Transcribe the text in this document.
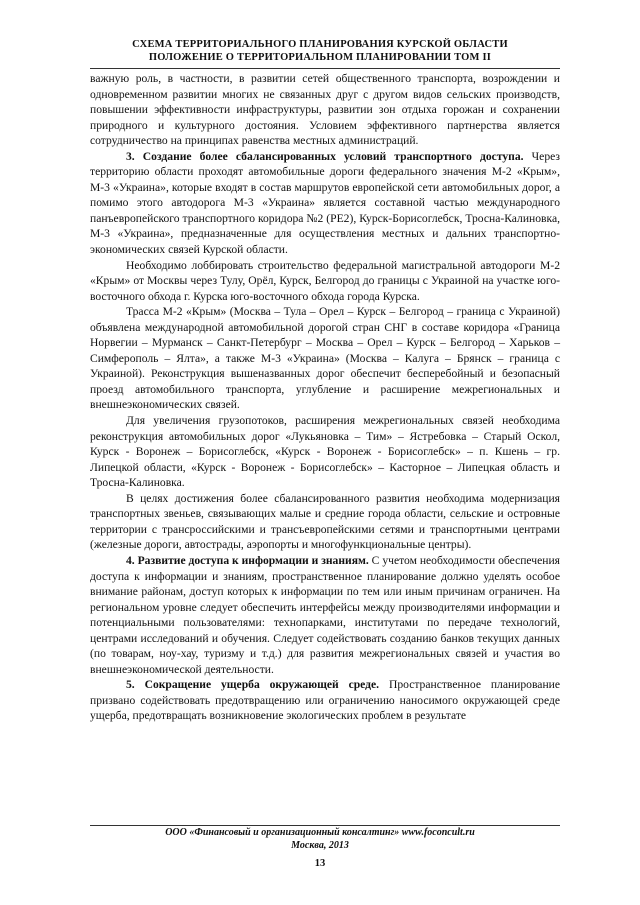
СХЕМА ТЕРРИТОРИАЛЬНОГО ПЛАНИРОВАНИЯ КУРСКОЙ ОБЛАСТИ
ПОЛОЖЕНИЕ О ТЕРРИТОРИАЛЬНОМ ПЛАНИРОВАНИИ ТОМ II

важную роль, в частности, в развитии сетей общественного транспорта, возрождении и одновременном развитии многих не связанных друг с другом видов сельских производств, повышении эффективности инфраструктуры, развитии зон отдыха горожан и сохранении природного и культурного достояния. Условием эффективного партнерства является сотрудничество на принципах равенства местных администраций.

3. Создание более сбалансированных условий транспортного доступа. Через территорию области проходят автомобильные дороги федерального значения М-2 «Крым», М-3 «Украина», которые входят в состав маршрутов европейской сети автомобильных дорог, а помимо этого автодорога М-3 «Украина» является составной частью международного панъевропейского транспортного коридора №2 (PE2), Курск-Борисоглебск, Тросна-Калиновка, М-3 «Украина», предназначенные для осуществления местных и дальних транспортно-экономических связей Курской области.

Необходимо лоббировать строительство федеральной магистральной автодороги М-2 «Крым» от Москвы через Тулу, Орёл, Курск, Белгород до границы с Украиной на участке юго-восточного обхода г. Курска юго-восточного обхода города Курска.

Трасса М-2 «Крым» (Москва – Тула – Орел – Курск – Белгород – граница с Украиной) объявлена международной автомобильной дорогой стран СНГ в составе коридора «Граница Норвегии – Мурманск – Санкт-Петербург – Москва – Орел – Курск – Белгород – Харьков – Симферополь – Ялта», а также М-3 «Украина» (Москва – Калуга – Брянск – граница с Украиной). Реконструкция вышеназванных дорог обеспечит бесперебойный и безопасный проезд автомобильного транспорта, углубление и расширение межрегиональных и внешнеэкономических связей.

Для увеличения грузопотоков, расширения межрегиональных связей необходима реконструкция автомобильных дорог «Лукьяновка – Тим» – Ястребовка – Старый Оскол, Курск - Воронеж – Борисоглебск, «Курск - Воронеж - Борисоглебск» – п. Кшень – гр. Липецкой области, «Курск - Воронеж - Борисоглебск» – Касторное – Липецкая область и Тросна-Калиновка.

В целях достижения более сбалансированного развития необходима модернизация транспортных звеньев, связывающих малые и средние города области, сельские и островные территории с трансроссийскими и трансъевропейскими сетями и транспортными центрами (железные дороги, автострады, аэропорты и многофункциональные центры).

4. Развитие доступа к информации и знаниям. С учетом необходимости обеспечения доступа к информации и знаниям, пространственное планирование должно уделять особое внимание районам, доступ которых к информации по тем или иным причинам ограничен. На региональном уровне следует обеспечить интерфейсы между производителями информации и потенциальными пользователями: технопарками, институтами по передаче технологий, центрами исследований и обучения. Следует содействовать созданию банков текущих данных (по товарам, ноу-хау, туризму и т.д.) для развития межрегиональных связей и участия во внешнеэкономической деятельности.

5. Сокращение ущерба окружающей среде. Пространственное планирование призвано содействовать предотвращению или ограничению наносимого окружающей среде ущерба, предотвращать возникновение экологических проблем в результате

ООО «Финансовый и организационный консалтинг» www.foconcult.ru
Москва, 2013
13
